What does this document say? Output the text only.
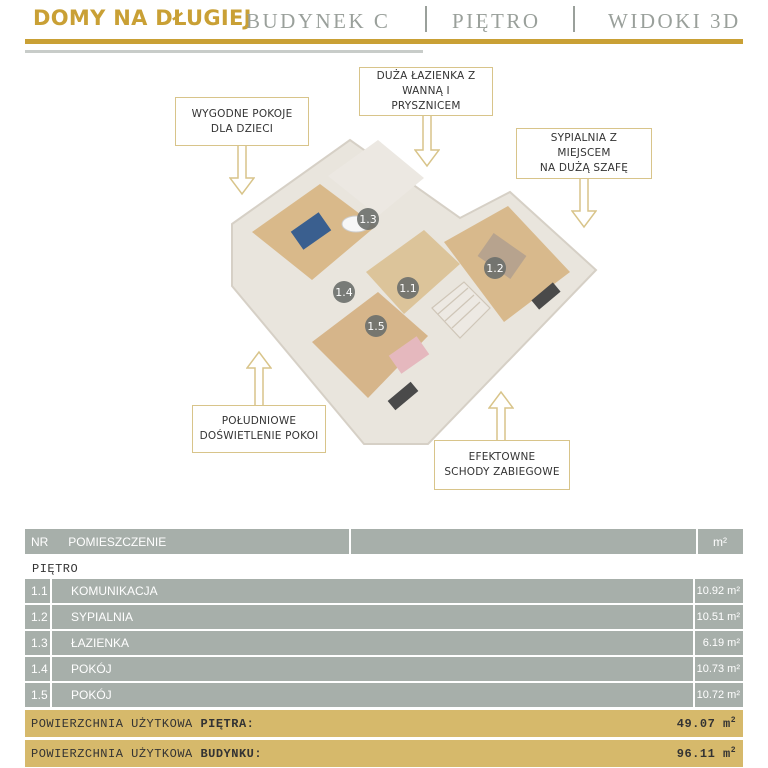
DOMY NA DŁUGIEJ
BUDYNEK C	PIĘTRO	WIDOKI 3D
WYGODNE POKOJE
DLA DZIECI
DUŻA ŁAZIENKA Z
WANNĄ I PRYSZNICEM
SYPIALNIA Z MIEJSCEM
NA DUŻĄ SZAFĘ
POŁUDNIOWE
DOŚWIETLENIE POKOI
EFEKTOWNE
SCHODY ZABIEGOWE
1.1
1.2
1.3
1.4
1.5
NR	POMIESZCZENIE	m²
PIĘTRO
1.1	KOMUNIKACJA	10.92 m²
1.2	SYPIALNIA	10.51 m²
1.3	ŁAZIENKA	6.19 m²
1.4	POKÓJ	10.73 m²
1.5	POKÓJ	10.72 m²
POWIERZCHNIA UŻYTKOWA PIĘTRA:	49.07 $m^2$
POWIERZCHNIA UŻYTKOWA BUDYNKU:	96.11 $m^2$
